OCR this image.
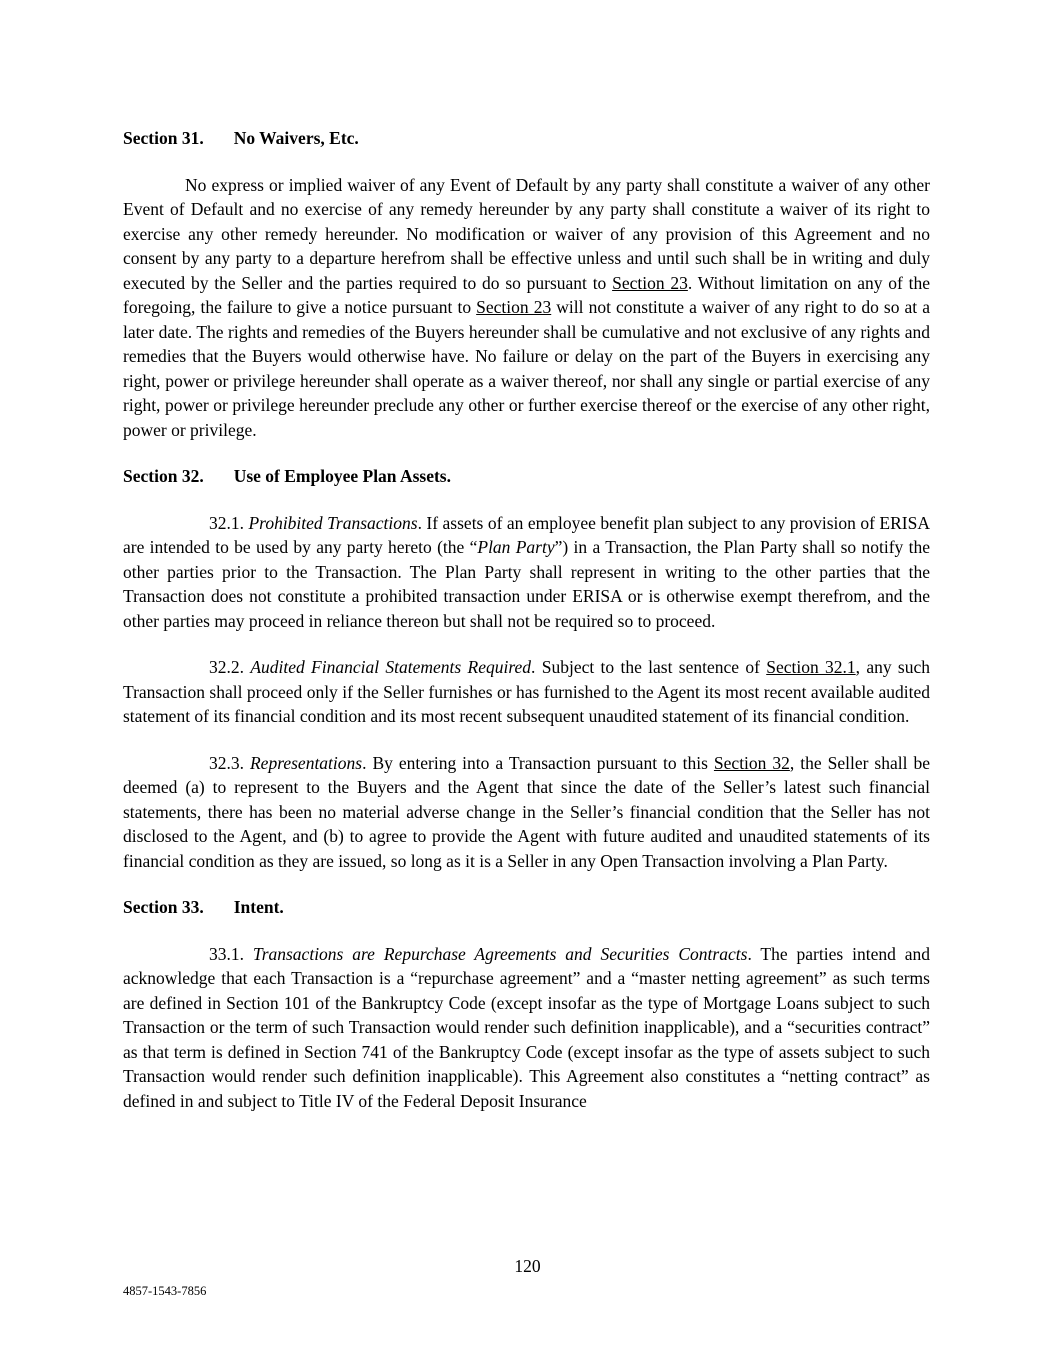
Section 31. No Waivers, Etc.

No express or implied waiver of any Event of Default by any party shall constitute a waiver of any other Event of Default and no exercise of any remedy hereunder by any party shall constitute a waiver of its right to exercise any other remedy hereunder. No modification or waiver of any provision of this Agreement and no consent by any party to a departure herefrom shall be effective unless and until such shall be in writing and duly executed by the Seller and the parties required to do so pursuant to Section 23. Without limitation on any of the foregoing, the failure to give a notice pursuant to Section 23 will not constitute a waiver of any right to do so at a later date. The rights and remedies of the Buyers hereunder shall be cumulative and not exclusive of any rights and remedies that the Buyers would otherwise have. No failure or delay on the part of the Buyers in exercising any right, power or privilege hereunder shall operate as a waiver thereof, nor shall any single or partial exercise of any right, power or privilege hereunder preclude any other or further exercise thereof or the exercise of any other right, power or privilege.

Section 32. Use of Employee Plan Assets.

32.1. Prohibited Transactions. If assets of an employee benefit plan subject to any provision of ERISA are intended to be used by any party hereto (the “Plan Party”) in a Transaction, the Plan Party shall so notify the other parties prior to the Transaction. The Plan Party shall represent in writing to the other parties that the Transaction does not constitute a prohibited transaction under ERISA or is otherwise exempt therefrom, and the other parties may proceed in reliance thereon but shall not be required so to proceed.

32.2. Audited Financial Statements Required. Subject to the last sentence of Section 32.1, any such Transaction shall proceed only if the Seller furnishes or has furnished to the Agent its most recent available audited statement of its financial condition and its most recent subsequent unaudited statement of its financial condition.

32.3. Representations. By entering into a Transaction pursuant to this Section 32, the Seller shall be deemed (a) to represent to the Buyers and the Agent that since the date of the Seller’s latest such financial statements, there has been no material adverse change in the Seller’s financial condition that the Seller has not disclosed to the Agent, and (b) to agree to provide the Agent with future audited and unaudited statements of its financial condition as they are issued, so long as it is a Seller in any Open Transaction involving a Plan Party.

Section 33. Intent.

33.1. Transactions are Repurchase Agreements and Securities Contracts. The parties intend and acknowledge that each Transaction is a “repurchase agreement” and a “master netting agreement” as such terms are defined in Section 101 of the Bankruptcy Code (except insofar as the type of Mortgage Loans subject to such Transaction or the term of such Transaction would render such definition inapplicable), and a “securities contract” as that term is defined in Section 741 of the Bankruptcy Code (except insofar as the type of assets subject to such Transaction would render such definition inapplicable). This Agreement also constitutes a “netting contract” as defined in and subject to Title IV of the Federal Deposit Insurance

120
4857-1543-7856
